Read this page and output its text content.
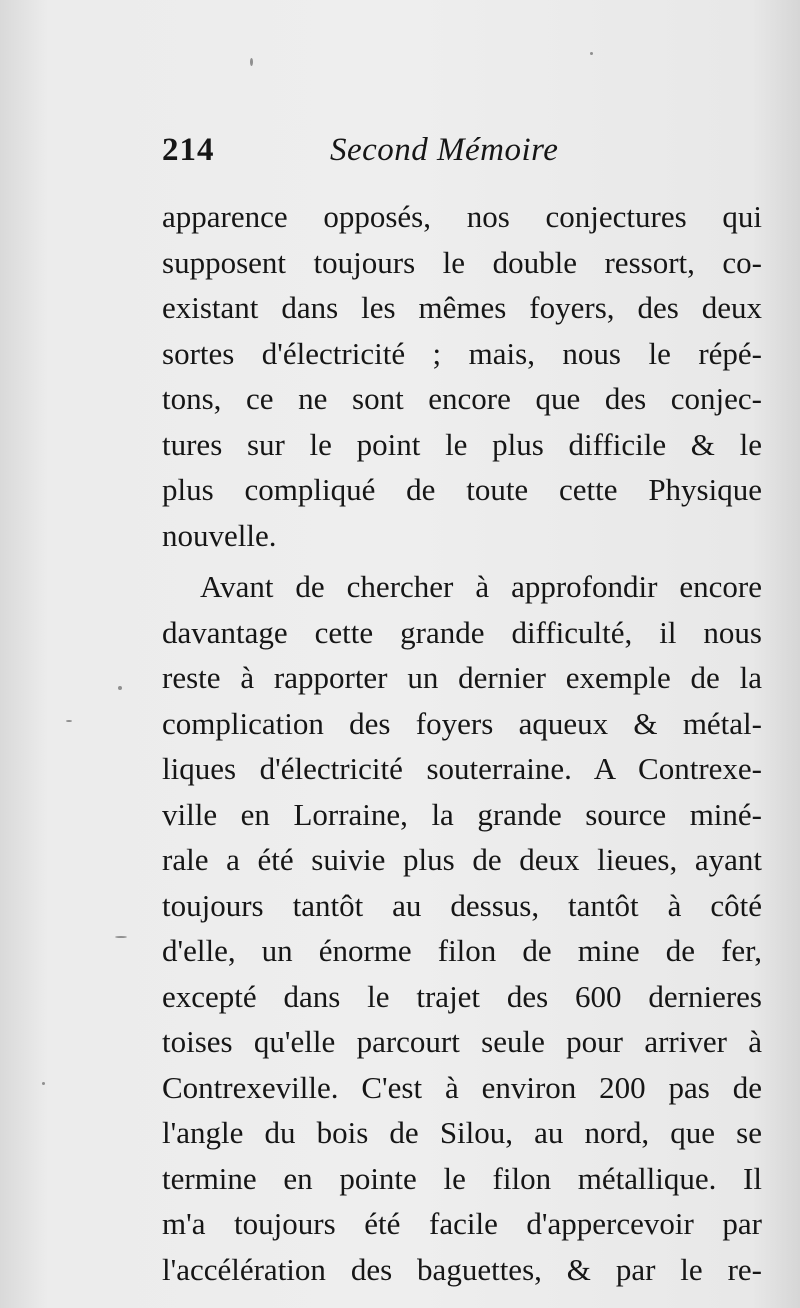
214	Second Mémoire
apparence opposés, nos conjectures qui
supposent toujours le double ressort, co-
existant dans les mêmes foyers, des deux
sortes d'électricité ; mais, nous le répé-
tons, ce ne sont encore que des conjec-
tures sur le point le plus difficile & le
plus compliqué de toute cette Physique
nouvelle.
Avant de chercher à approfondir encore
davantage cette grande difficulté, il nous
reste à rapporter un dernier exemple de la
complication des foyers aqueux & métal-
liques d'électricité souterraine. A Contrexe-
ville en Lorraine, la grande source miné-
rale a été suivie plus de deux lieues, ayant
toujours tantôt au dessus, tantôt à côté
d'elle, un énorme filon de mine de fer,
excepté dans le trajet des 600 dernieres
toises qu'elle parcourt seule pour arriver à
Contrexeville. C'est à environ 200 pas de
l'angle du bois de Silou, au nord, que se
termine en pointe le filon métallique. Il
m'a toujours été facile d'appercevoir par
l'accélération des baguettes, & par le re-
